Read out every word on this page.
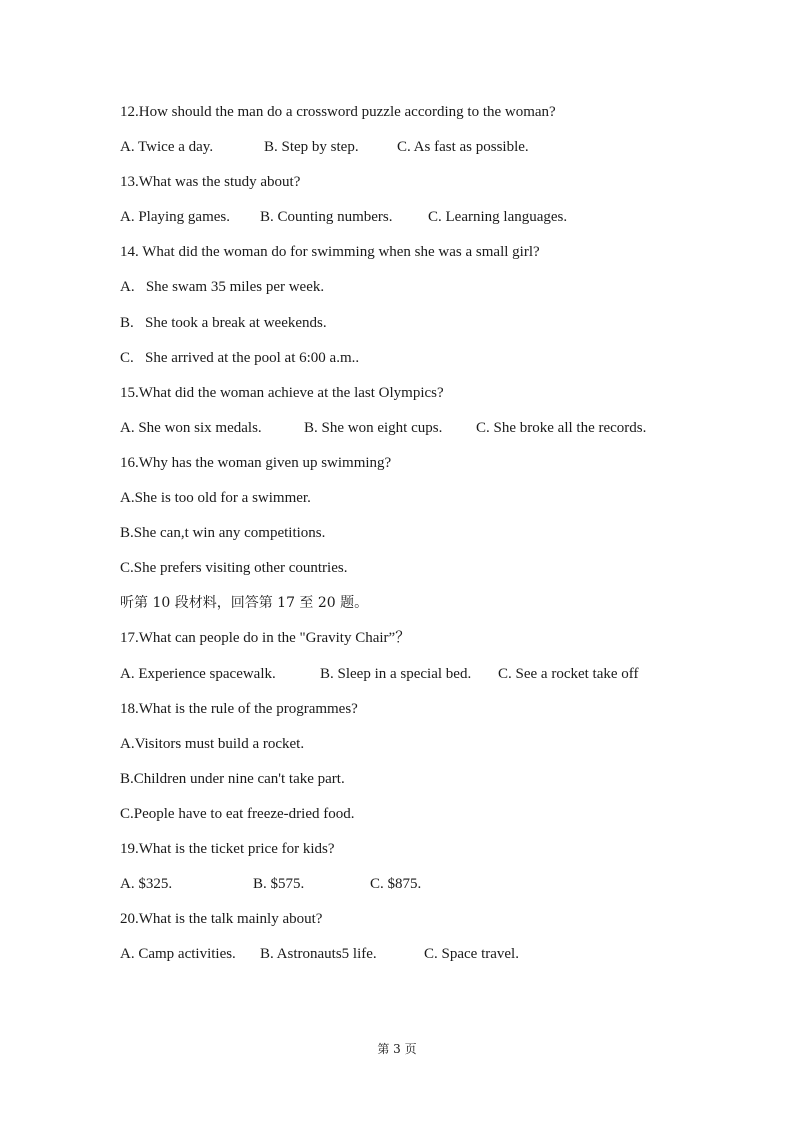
12.How should the man do a crossword puzzle according to the woman?
A. Twice a day.	B. Step by step.	C. As fast as possible.
13.What was the study about?
A. Playing games.	B. Counting numbers.	C. Learning languages.
14. What did the woman do for swimming when she was a small girl?
A.   She swam 35 miles per week.
B.   She took a break at weekends.
C.   She arrived at the pool at 6:00 a.m..
15.What did the woman achieve at the last Olympics?
A. She won six medals.	B. She won eight cups.	C. She broke all the records.
16.Why has the woman given up swimming?
A.She is too old for a swimmer.
B.She can,t win any competitions.
C.She prefers visiting other countries.
听第 10 段材料，回答第 17 至 20 题。
17.What can people do in the "Gravity Chair”？
A. Experience spacewalk.	B. Sleep in a special bed.	C. See a rocket take off
18.What is the rule of the programmes?
A.Visitors must build a rocket.
B.Children under nine can't take part.
C.People have to eat freeze-dried food.
19.What is the ticket price for kids?
A. $325.	B. $575.	C. $875.
20.What is the talk mainly about?
A. Camp activities.	B. Astronauts5 life.	C. Space travel.
第 3 页
